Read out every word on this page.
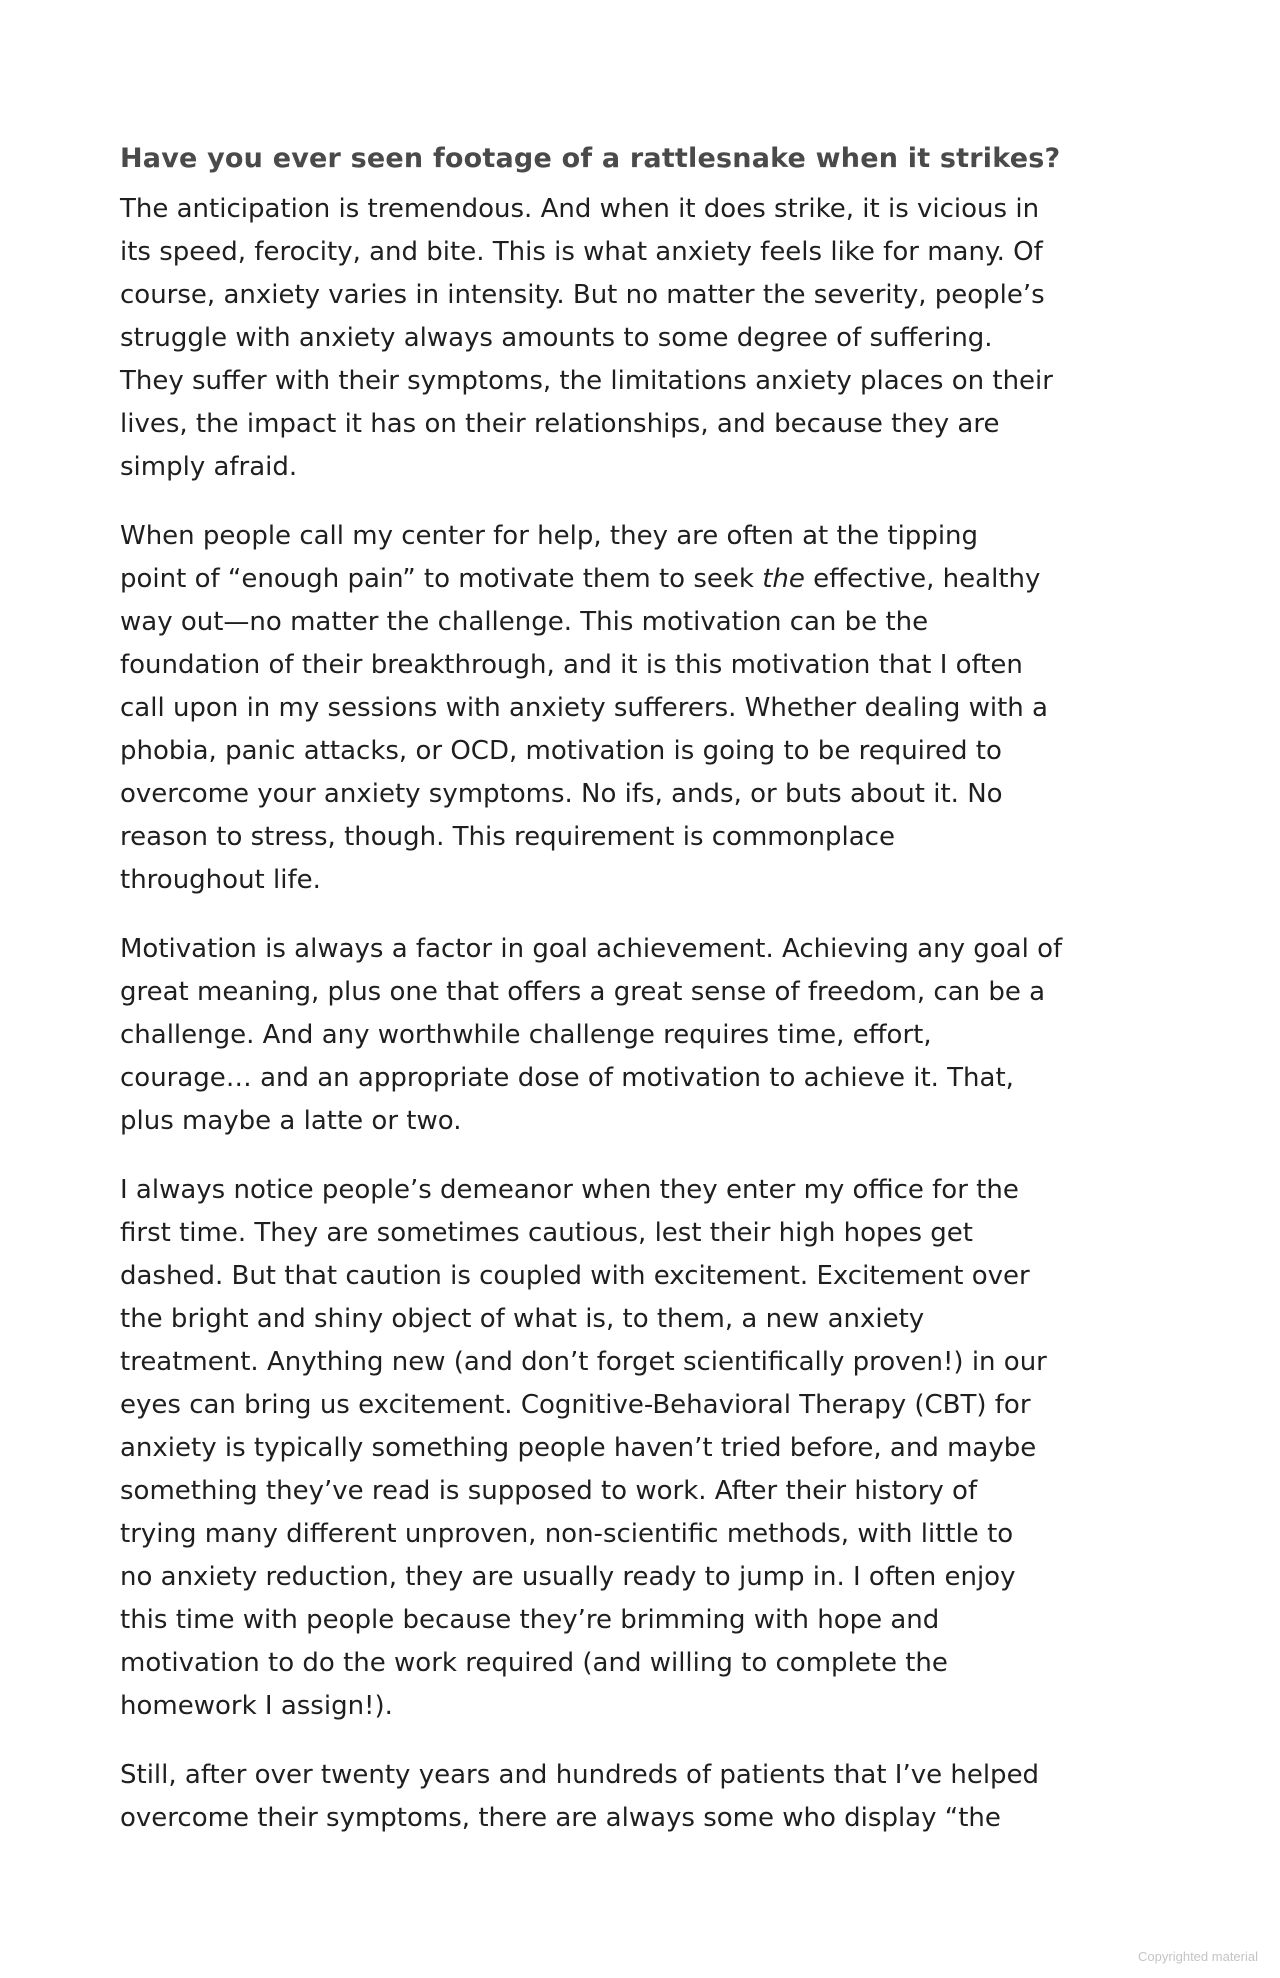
Have you ever seen footage of a rattlesnake when it strikes?
The anticipation is tremendous. And when it does strike, it is vicious in
its speed, ferocity, and bite. This is what anxiety feels like for many. Of
course, anxiety varies in intensity. But no matter the severity, people’s
struggle with anxiety always amounts to some degree of suffering.
They suffer with their symptoms, the limitations anxiety places on their
lives, the impact it has on their relationships, and because they are
simply afraid.
When people call my center for help, they are often at the tipping
point of “enough pain” to motivate them to seek the effective, healthy
way out—no matter the challenge. This motivation can be the
foundation of their breakthrough, and it is this motivation that I often
call upon in my sessions with anxiety sufferers. Whether dealing with a
phobia, panic attacks, or OCD, motivation is going to be required to
overcome your anxiety symptoms. No ifs, ands, or buts about it. No
reason to stress, though. This requirement is commonplace
throughout life.
Motivation is always a factor in goal achievement. Achieving any goal of
great meaning, plus one that offers a great sense of freedom, can be a
challenge. And any worthwhile challenge requires time, effort,
courage… and an appropriate dose of motivation to achieve it. That,
plus maybe a latte or two.
I always notice people’s demeanor when they enter my office for the
first time. They are sometimes cautious, lest their high hopes get
dashed. But that caution is coupled with excitement. Excitement over
the bright and shiny object of what is, to them, a new anxiety
treatment. Anything new (and don’t forget scientifically proven!) in our
eyes can bring us excitement. Cognitive-Behavioral Therapy (CBT) for
anxiety is typically something people haven’t tried before, and maybe
something they’ve read is supposed to work. After their history of
trying many different unproven, non-scientific methods, with little to
no anxiety reduction, they are usually ready to jump in. I often enjoy
this time with people because they’re brimming with hope and
motivation to do the work required (and willing to complete the
homework I assign!).
Still, after over twenty years and hundreds of patients that I’ve helped
overcome their symptoms, there are always some who display “the
Copyrighted material
